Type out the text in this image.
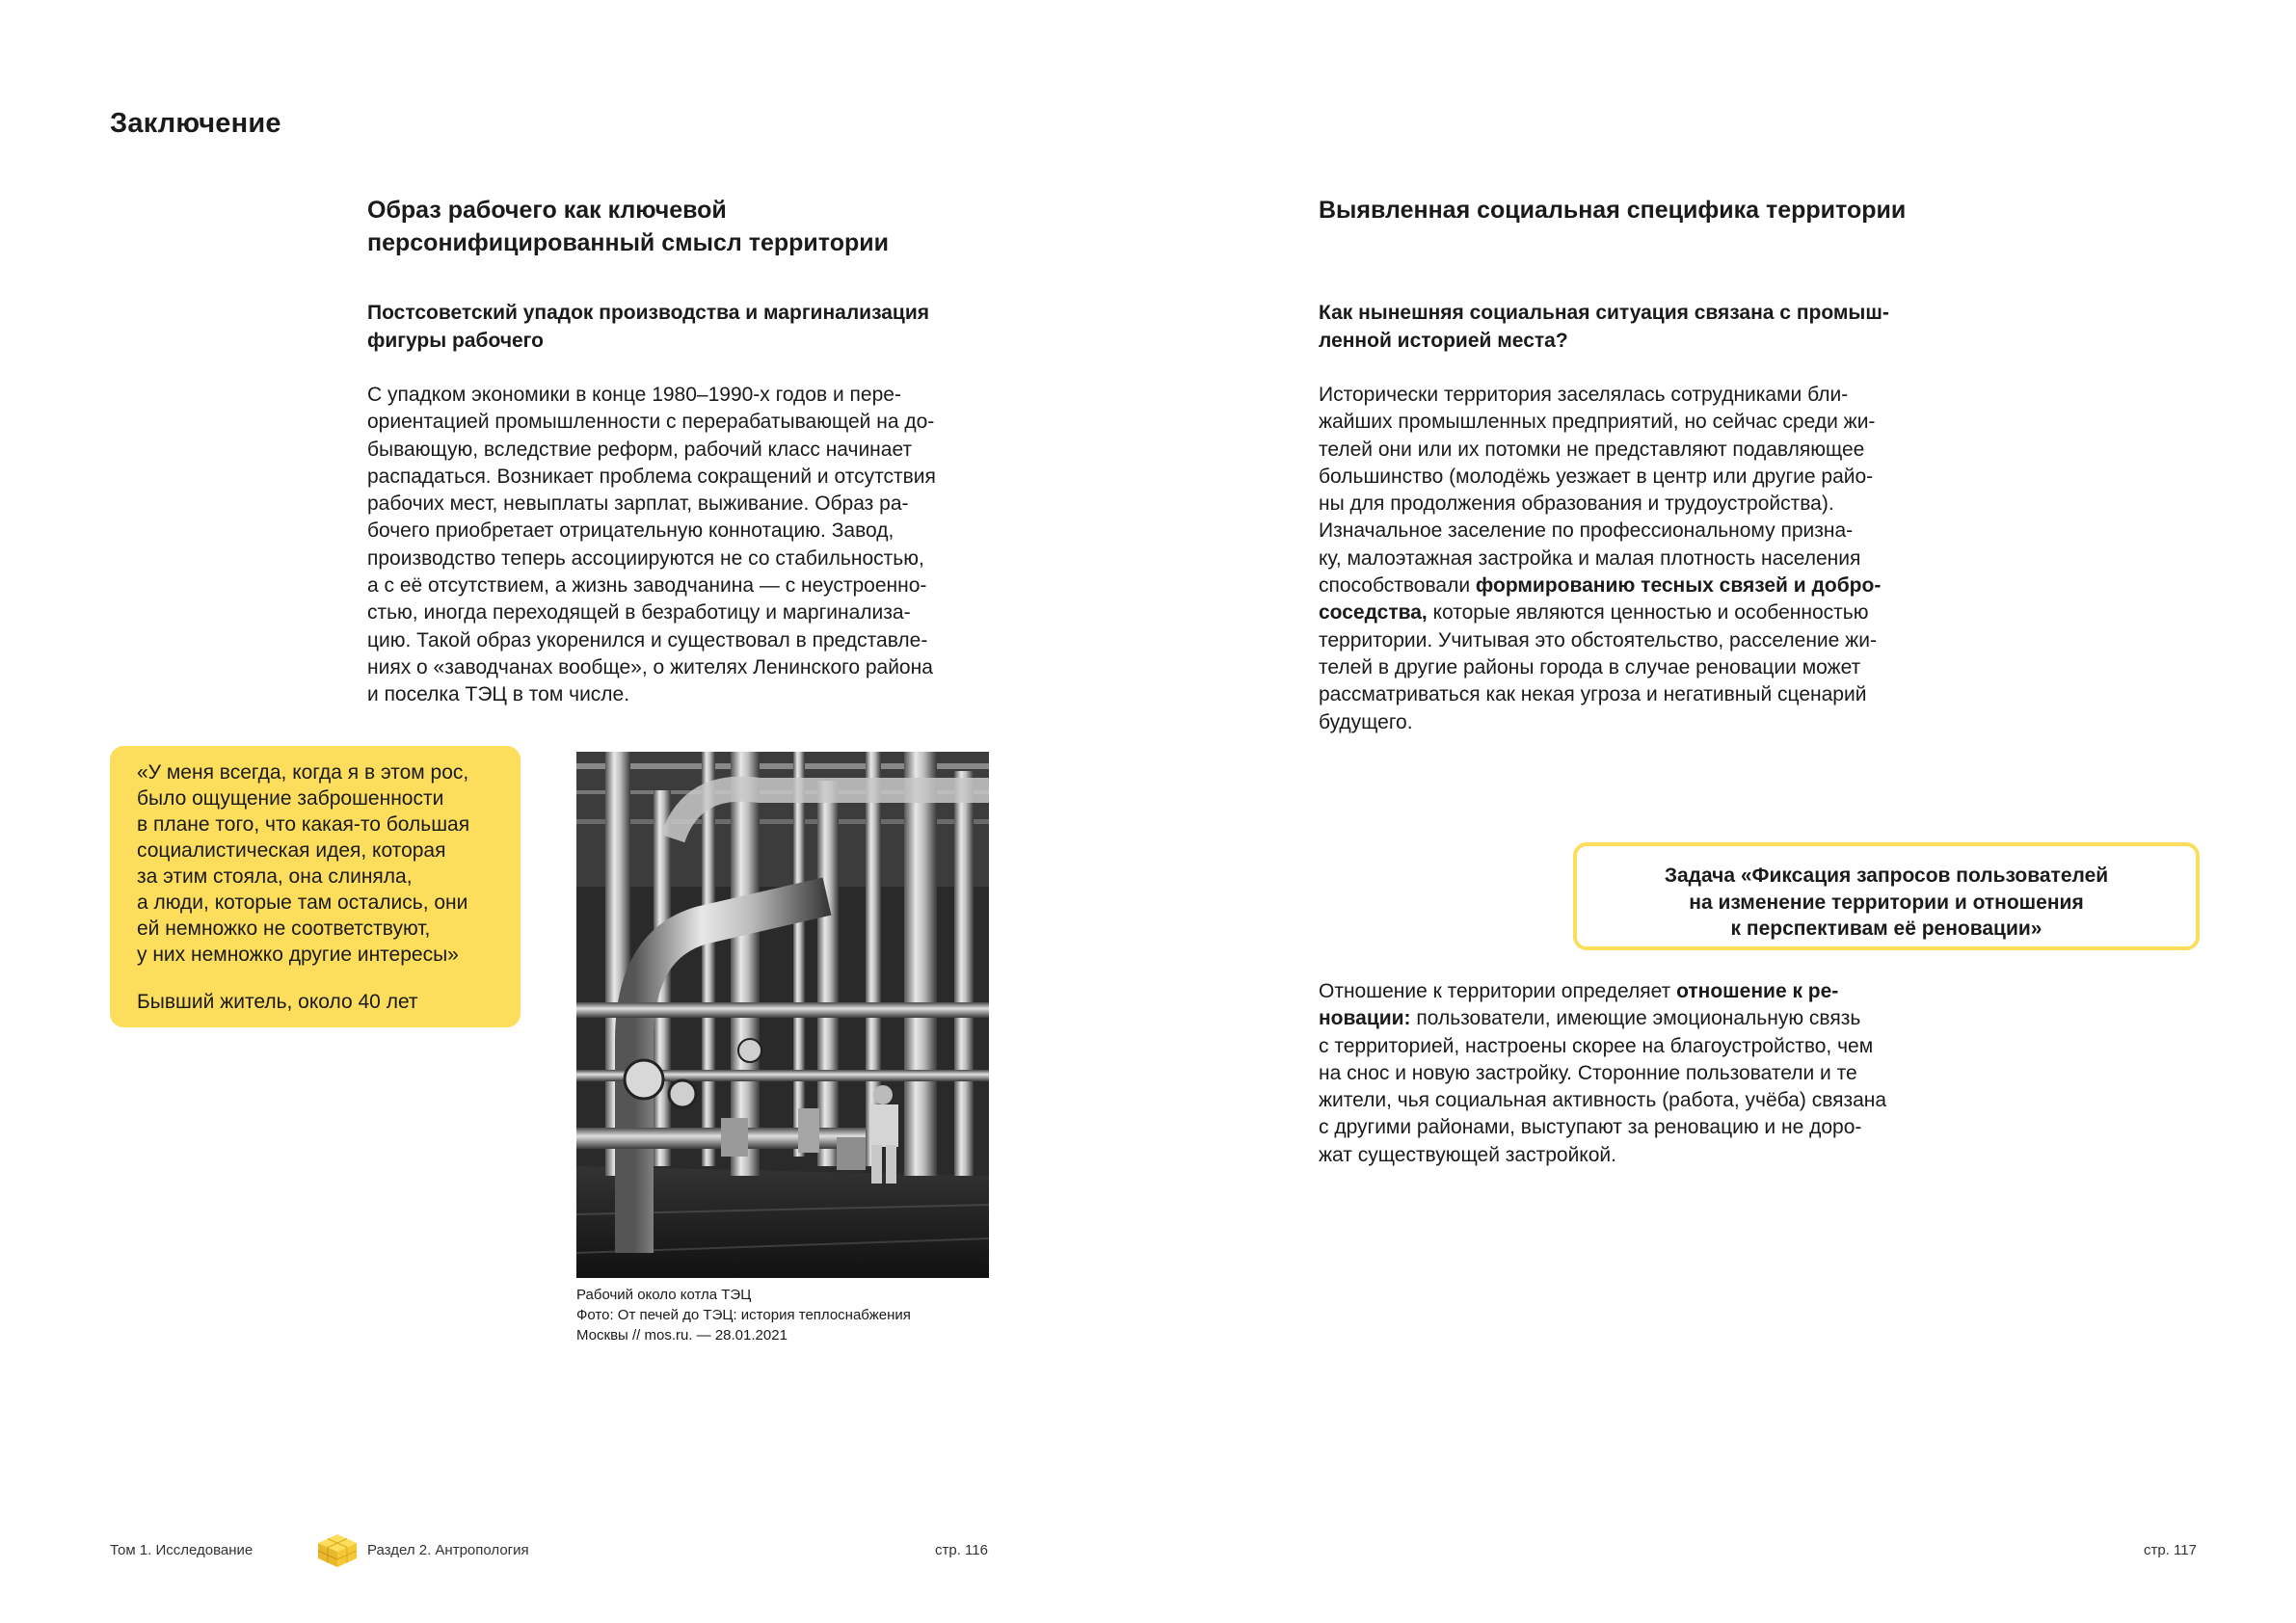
Заключение
Образ рабочего как ключевой
персонифицированный смысл территории
Постсоветский упадок производства и маргинализация
фигуры рабочего
С упадком экономики в конце 1980–1990-х годов и пере-
ориентацией промышленности с перерабатывающей на до-
бывающую, вследствие реформ, рабочий класс начинает
распадаться. Возникает проблема сокращений и отсутствия
рабочих мест, невыплаты зарплат, выживание. Образ ра-
бочего приобретает отрицательную коннотацию. Завод,
производство теперь ассоциируются не со стабильностью,
а с её отсутствием, а жизнь заводчанина — с неустроенно-
стью, иногда переходящей в безработицу и маргинализа-
цию. Такой образ укоренился и существовал в представле-
ниях о «заводчанах вообще», о жителях Ленинского района
и поселка ТЭЦ в том числе.
«У меня всегда, когда я в этом рос,
было ощущение заброшенности
в плане того, что какая-то большая
социалистическая идея, которая
за этим стояла, она слиняла,
а люди, которые там остались, они
ей немножко не соответствуют,
у них немножко другие интересы»
Бывший житель, около 40 лет
Рабочий около котла ТЭЦ
Фото: От печей до ТЭЦ: история теплоснабжения
Москвы // mos.ru. — 28.01.2021
Выявленная социальная специфика территории
Как нынешняя социальная ситуация связана с промыш-
ленной историей места?
Исторически территория заселялась сотрудниками бли-
жайших промышленных предприятий, но сейчас среди жи-
телей они или их потомки не представляют подавляющее
большинство (молодёжь уезжает в центр или другие райо-
ны для продолжения образования и трудоустройства).
Изначальное заселение по профессиональному призна-
ку, малоэтажная застройка и малая плотность населения
способствовали формированию тесных связей и добро-
соседства, которые являются ценностью и особенностью
территории. Учитывая это обстоятельство, расселение жи-
телей в другие районы города в случае реновации может
рассматриваться как некая угроза и негативный сценарий
будущего.
Задача «Фиксация запросов пользователей
на изменение территории и отношения
к перспективам её реновации»
Отношение к территории определяет отношение к ре-
новации: пользователи, имеющие эмоциональную связь
с территорией, настроены скорее на благоустройство, чем
на снос и новую застройку. Сторонние пользователи и те
жители, чья социальная активность (работа, учёба) связана
с другими районами, выступают за реновацию и не доро-
жат существующей застройкой.
Том 1. Исследование	Раздел 2. Антропология	стр. 116	стр. 117
